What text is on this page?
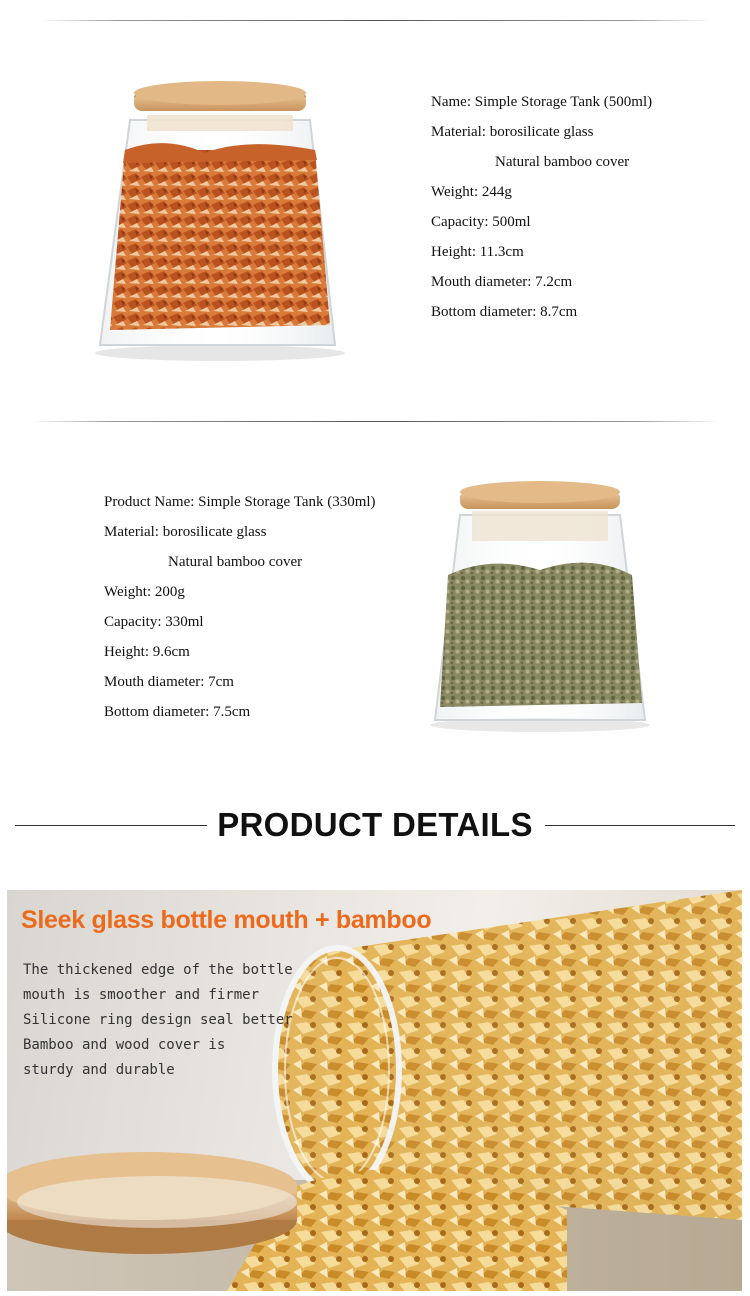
Name: Simple Storage Tank (500ml)
Material: borosilicate glass
Natural bamboo cover
Weight: 244g
Capacity: 500ml
Height: 11.3cm
Mouth diameter: 7.2cm
Bottom diameter: 8.7cm
Product Name: Simple Storage Tank (330ml)
Material: borosilicate glass
Natural bamboo cover
Weight: 200g
Capacity: 330ml
Height: 9.6cm
Mouth diameter: 7cm
Bottom diameter: 7.5cm
PRODUCT DETAILS
Sleek glass bottle mouth + bamboo
The thickened edge of the bottle
mouth is smoother and firmer
Silicone ring design seal better
Bamboo and wood cover is
sturdy and durable
